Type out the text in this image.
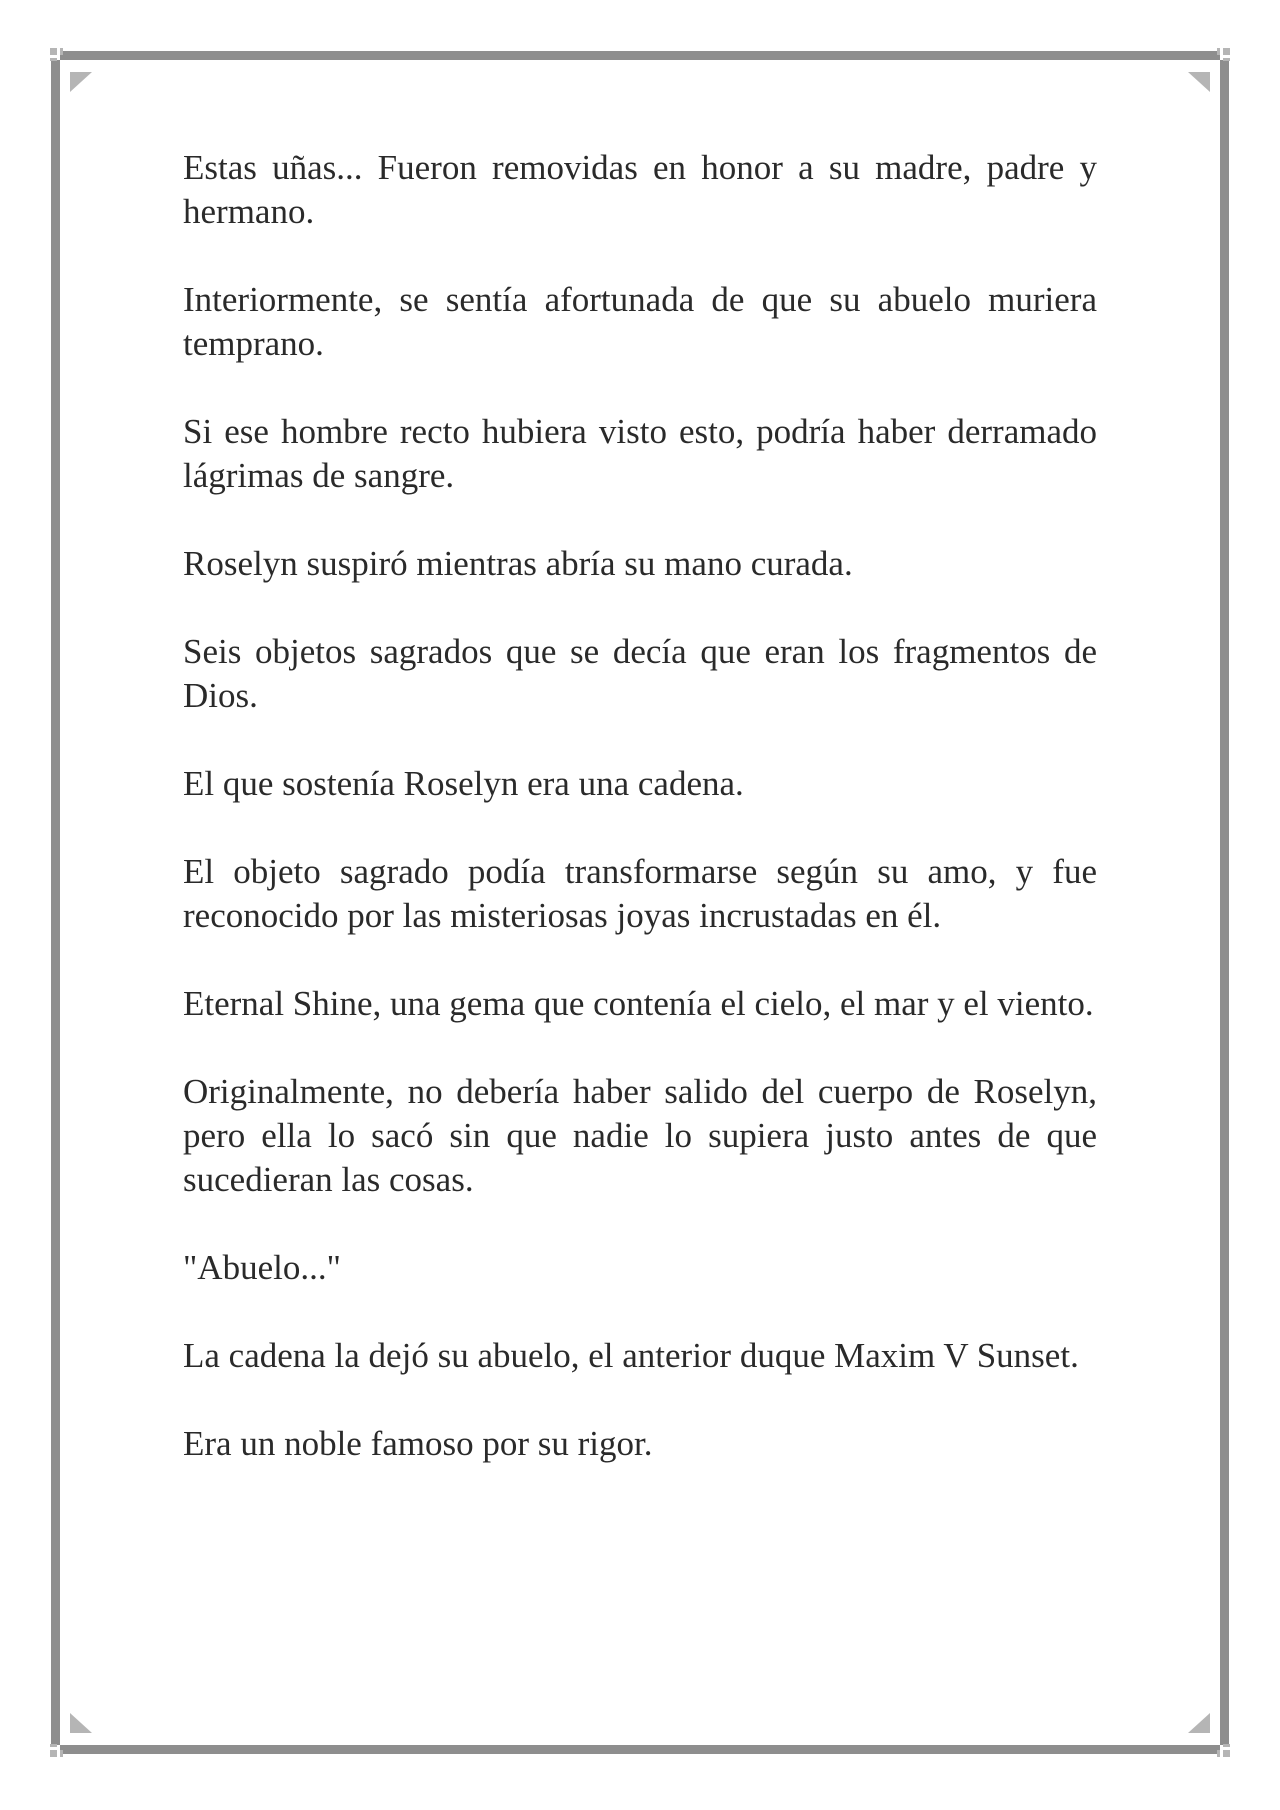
Estas uñas... Fueron removidas en honor a su madre, padre y hermano.

Interiormente, se sentía afortunada de que su abuelo muriera temprano.

Si ese hombre recto hubiera visto esto, podría haber derramado lágrimas de sangre.

Roselyn suspiró mientras abría su mano curada.

Seis objetos sagrados que se decía que eran los fragmentos de Dios.

El que sostenía Roselyn era una cadena.

El objeto sagrado podía transformarse según su amo, y fue reconocido por las misteriosas joyas incrustadas en él.

Eternal Shine, una gema que contenía el cielo, el mar y el viento.

Originalmente, no debería haber salido del cuerpo de Roselyn, pero ella lo sacó sin que nadie lo supiera justo antes de que sucedieran las cosas.

"Abuelo..."

La cadena la dejó su abuelo, el anterior duque Maxim V Sunset.

Era un noble famoso por su rigor.
